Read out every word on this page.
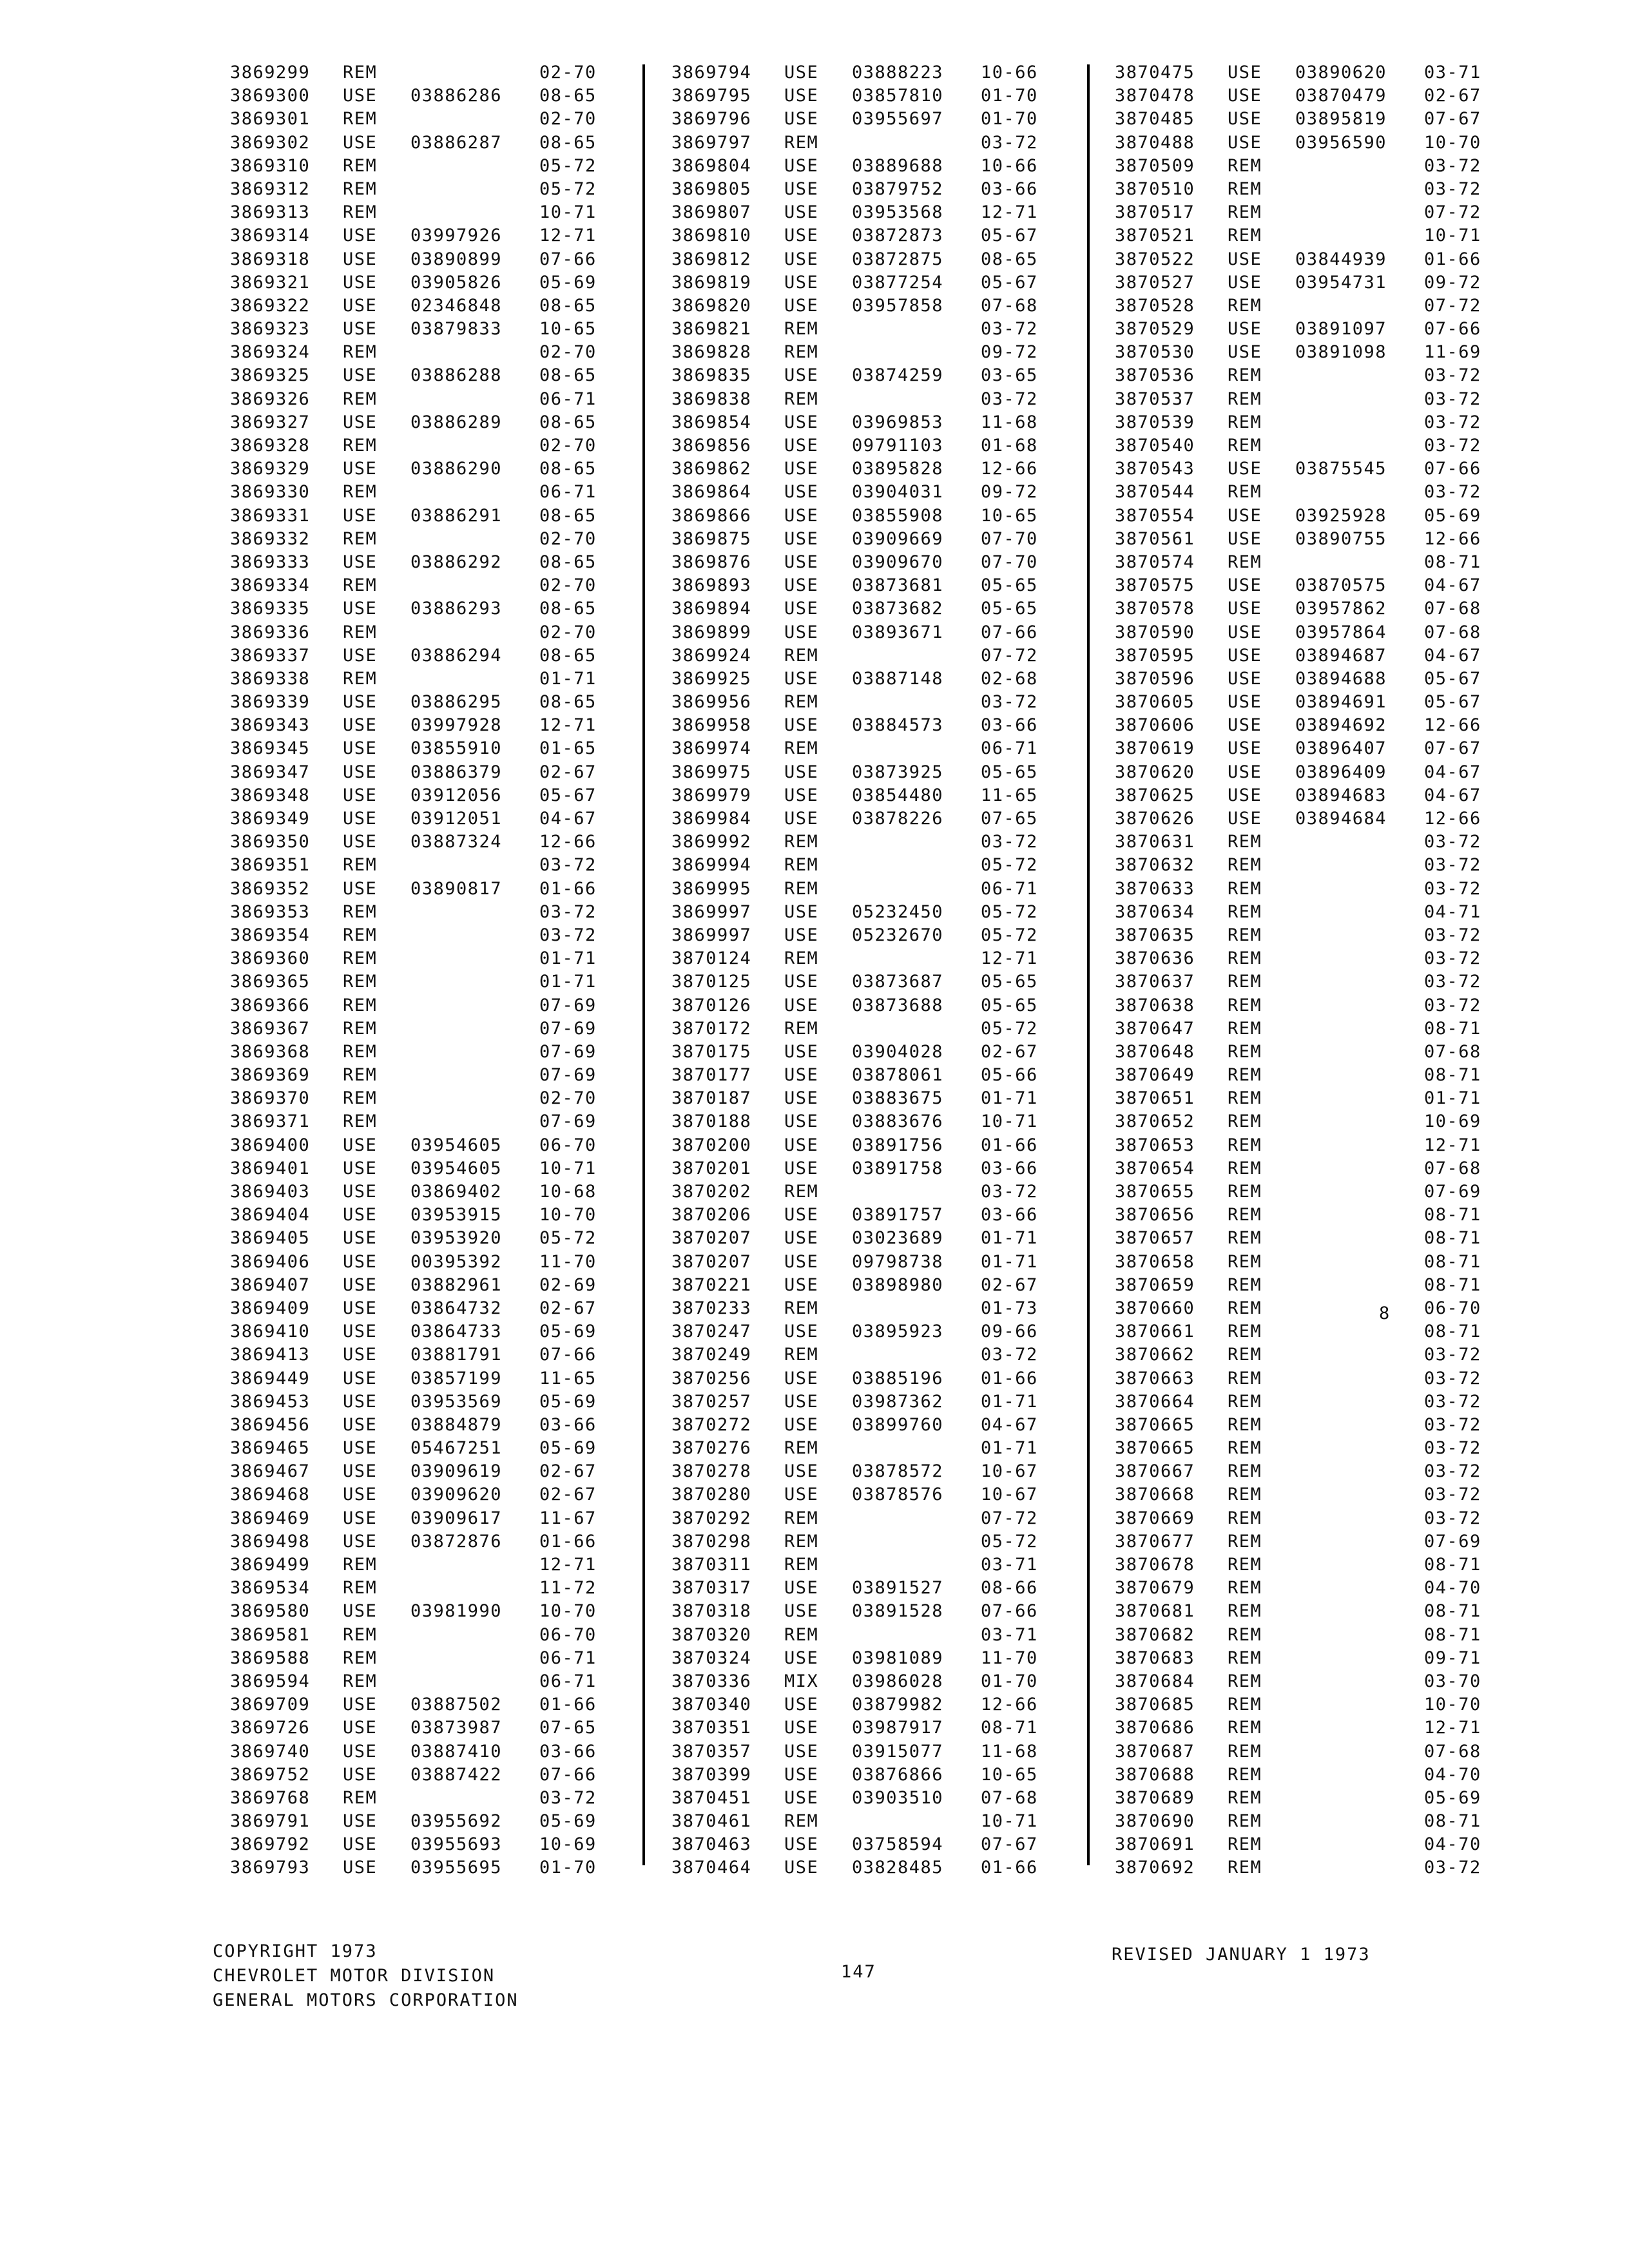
3869299 REM	02-70
3869300 USE 03886286 08-65
3869301 REM	02-70
3869302 USE 03886287 08-65
3869310 REM	05-72
3869312 REM	05-72
3869313 REM	10-71
3869314 USE 03997926 12-71
3869318 USE 03890899 07-66
3869321 USE 03905826 05-69
3869322 USE 02346848 08-65
3869323 USE 03879833 10-65
3869324 REM	02-70
3869325 USE 03886288 08-65
3869326 REM	06-71
3869327 USE 03886289 08-65
3869328 REM	02-70
3869329 USE 03886290 08-65
3869330 REM	06-71
3869331 USE 03886291 08-65
3869332 REM	02-70
3869333 USE 03886292 08-65
3869334 REM	02-70
3869335 USE 03886293 08-65
3869336 REM	02-70
3869337 USE 03886294 08-65
3869338 REM	01-71
3869339 USE 03886295 08-65
3869343 USE 03997928 12-71
3869345 USE 03855910 01-65
3869347 USE 03886379 02-67
3869348 USE 03912056 05-67
3869349 USE 03912051 04-67
3869350 USE 03887324 12-66
3869351 REM	03-72
3869352 USE 03890817 01-66
3869353 REM	03-72
3869354 REM	03-72
3869360 REM	01-71
3869365 REM	01-71
3869366 REM	07-69
3869367 REM	07-69
3869368 REM	07-69
3869369 REM	07-69
3869370 REM	02-70
3869371 REM	07-69
3869400 USE 03954605 06-70
3869401 USE 03954605 10-71
3869403 USE 03869402 10-68
3869404 USE 03953915 10-70
3869405 USE 03953920 05-72
3869406 USE 00395392 11-70
3869407 USE 03882961 02-69
3869409 USE 03864732 02-67
3869410 USE 03864733 05-69
3869413 USE 03881791 07-66
3869449 USE 03857199 11-65
3869453 USE 03953569 05-69
3869456 USE 03884879 03-66
3869465 USE 05467251 05-69
3869467 USE 03909619 02-67
3869468 USE 03909620 02-67
3869469 USE 03909617 11-67
3869498 USE 03872876 01-66
3869499 REM	12-71
3869534 REM	11-72
3869580 USE 03981990 10-70
3869581 REM	06-70
3869588 REM	06-71
3869594 REM	06-71
3869709 USE 03887502 01-66
3869726 USE 03873987 07-65
3869740 USE 03887410 03-66
3869752 USE 03887422 07-66
3869768 REM	03-72
3869791 USE 03955692 05-69
3869792 USE 03955693 10-69
3869793 USE 03955695 01-70
3869794 USE 03888223 10-66
3869795 USE 03857810 01-70
3869796 USE 03955697 01-70
3869797 REM	03-72
3869804 USE 03889688 10-66
3869805 USE 03879752 03-66
3869807 USE 03953568 12-71
3869810 USE 03872873 05-67
3869812 USE 03872875 08-65
3869819 USE 03877254 05-67
3869820 USE 03957858 07-68
3869821 REM	03-72
3869828 REM	09-72
3869835 USE 03874259 03-65
3869838 REM	03-72
3869854 USE 03969853 11-68
3869856 USE 09791103 01-68
3869862 USE 03895828 12-66
3869864 USE 03904031 09-72
3869866 USE 03855908 10-65
3869875 USE 03909669 07-70
3869876 USE 03909670 07-70
3869893 USE 03873681 05-65
3869894 USE 03873682 05-65
3869899 USE 03893671 07-66
3869924 REM	07-72
3869925 USE 03887148 02-68
3869956 REM	03-72
3869958 USE 03884573 03-66
3869974 REM	06-71
3869975 USE 03873925 05-65
3869979 USE 03854480 11-65
3869984 USE 03878226 07-65
3869992 REM	03-72
3869994 REM	05-72
3869995 REM	06-71
3869997 USE 05232450 05-72
3869997 USE 05232670 05-72
3870124 REM	12-71
3870125 USE 03873687 05-65
3870126 USE 03873688 05-65
3870172 REM	05-72
3870175 USE 03904028 02-67
3870177 USE 03878061 05-66
3870187 USE 03883675 01-71
3870188 USE 03883676 10-71
3870200 USE 03891756 01-66
3870201 USE 03891758 03-66
3870202 REM	03-72
3870206 USE 03891757 03-66
3870207 USE 03023689 01-71
3870207 USE 09798738 01-71
3870221 USE 03898980 02-67
3870233 REM	01-73
3870247 USE 03895923 09-66
3870249 REM	03-72
3870256 USE 03885196 01-66
3870257 USE 03987362 01-71
3870272 USE 03899760 04-67
3870276 REM	01-71
3870278 USE 03878572 10-67
3870280 USE 03878576 10-67
3870292 REM	07-72
3870298 REM	05-72
3870311 REM	03-71
3870317 USE 03891527 08-66
3870318 USE 03891528 07-66
3870320 REM	03-71
3870324 USE 03981089 11-70
3870336 MIX 03986028 01-70
3870340 USE 03879982 12-66
3870351 USE 03987917 08-71
3870357 USE 03915077 11-68
3870399 USE 03876866 10-65
3870451 USE 03903510 07-68
3870461 REM	10-71
3870463 USE 03758594 07-67
3870464 USE 03828485 01-66
3870475 USE 03890620 03-71
3870478 USE 03870479 02-67
3870485 USE 03895819 07-67
3870488 USE 03956590 10-70
3870509 REM	03-72
3870510 REM	03-72
3870517 REM	07-72
3870521 REM	10-71
3870522 USE 03844939 01-66
3870527 USE 03954731 09-72
3870528 REM	07-72
3870529 USE 03891097 07-66
3870530 USE 03891098 11-69
3870536 REM	03-72
3870537 REM	03-72
3870539 REM	03-72
3870540 REM	03-72
3870543 USE 03875545 07-66
3870544 REM	03-72
3870554 USE 03925928 05-69
3870561 USE 03890755 12-66
3870574 REM	08-71
3870575 USE 03870575 04-67
3870578 USE 03957862 07-68
3870590 USE 03957864 07-68
3870595 USE 03894687 04-67
3870596 USE 03894688 05-67
3870605 USE 03894691 05-67
3870606 USE 03894692 12-66
3870619 USE 03896407 07-67
3870620 USE 03896409 04-67
3870625 USE 03894683 04-67
3870626 USE 03894684 12-66
3870631 REM	03-72
3870632 REM	03-72
3870633 REM	03-72
3870634 REM	04-71
3870635 REM	03-72
3870636 REM	03-72
3870637 REM	03-72
3870638 REM	03-72
3870647 REM	08-71
3870648 REM	07-68
3870649 REM	08-71
3870651 REM	01-71
3870652 REM	10-69
3870653 REM	12-71
3870654 REM	07-68
3870655 REM	07-69
3870656 REM	08-71
3870657 REM	08-71
3870658 REM	08-71
3870659 REM	08-71
3870660 REM	06-70
3870661 REM	08-71
3870662 REM	03-72
3870663 REM	03-72
3870664 REM	03-72
3870665 REM	03-72
3870665 REM	03-72
3870667 REM	03-72
3870668 REM	03-72
3870669 REM	03-72
3870677 REM	07-69
3870678 REM	08-71
3870679 REM	04-70
3870681 REM	08-71
3870682 REM	08-71
3870683 REM	09-71
3870684 REM	03-70
3870685 REM	10-70
3870686 REM	12-71
3870687 REM	07-68
3870688 REM	04-70
3870689 REM	05-69
3870690 REM	08-71
3870691 REM	04-70
3870692 REM	03-72
8
COPYRIGHT 1973
CHEVROLET MOTOR DIVISION
GENERAL MOTORS CORPORATION
147
REVISED JANUARY 1 1973
